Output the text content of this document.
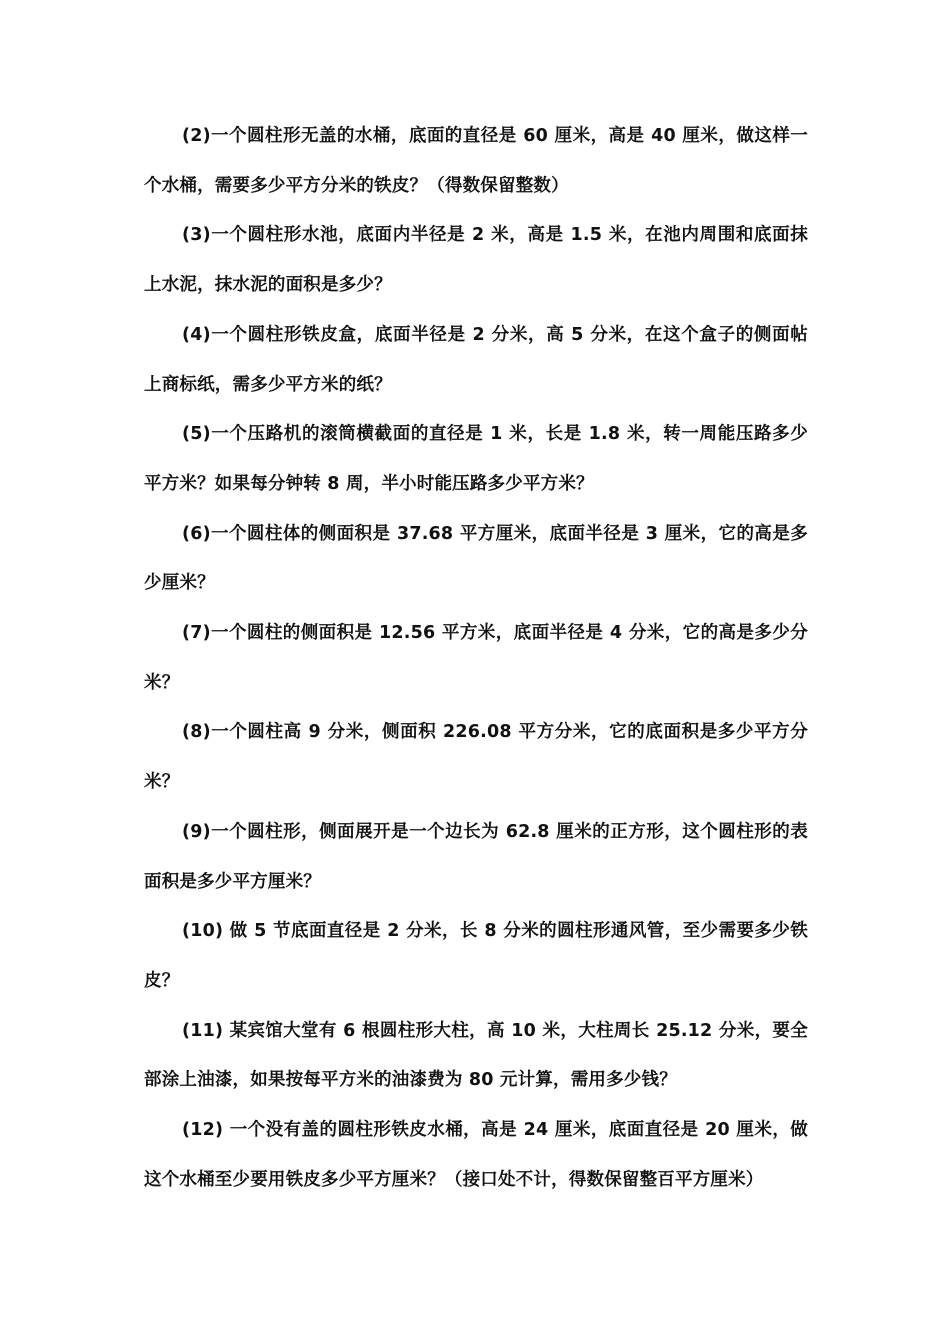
(2)一个圆柱形无盖的水桶，底面的直径是 60 厘米，高是 40 厘米，做这样一个水桶，需要多少平方分米的铁皮？（得数保留整数）

(3)一个圆柱形水池，底面内半径是 2 米，高是 1.5 米，在池内周围和底面抹上水泥，抹水泥的面积是多少？

(4)一个圆柱形铁皮盒，底面半径是 2 分米，高 5 分米，在这个盒子的侧面帖上商标纸，需多少平方米的纸？

(5)一个压路机的滚筒横截面的直径是 1 米，长是 1.8 米，转一周能压路多少平方米？如果每分钟转 8 周，半小时能压路多少平方米？

(6)一个圆柱体的侧面积是 37.68 平方厘米，底面半径是 3 厘米，它的高是多少厘米？

(7)一个圆柱的侧面积是 12.56 平方米，底面半径是 4 分米，它的高是多少分米？

(8)一个圆柱高 9 分米，侧面积 226.08 平方分米，它的底面积是多少平方分米？

(9)一个圆柱形，侧面展开是一个边长为 62.8 厘米的正方形，这个圆柱形的表面积是多少平方厘米？

(10) 做 5 节底面直径是 2 分米，长 8 分米的圆柱形通风管，至少需要多少铁皮？

(11) 某宾馆大堂有 6 根圆柱形大柱，高 10 米，大柱周长 25.12 分米，要全部涂上油漆，如果按每平方米的油漆费为 80 元计算，需用多少钱？

(12) 一个没有盖的圆柱形铁皮水桶，高是 24 厘米，底面直径是 20 厘米，做这个水桶至少要用铁皮多少平方厘米？（接口处不计，得数保留整百平方厘米）
